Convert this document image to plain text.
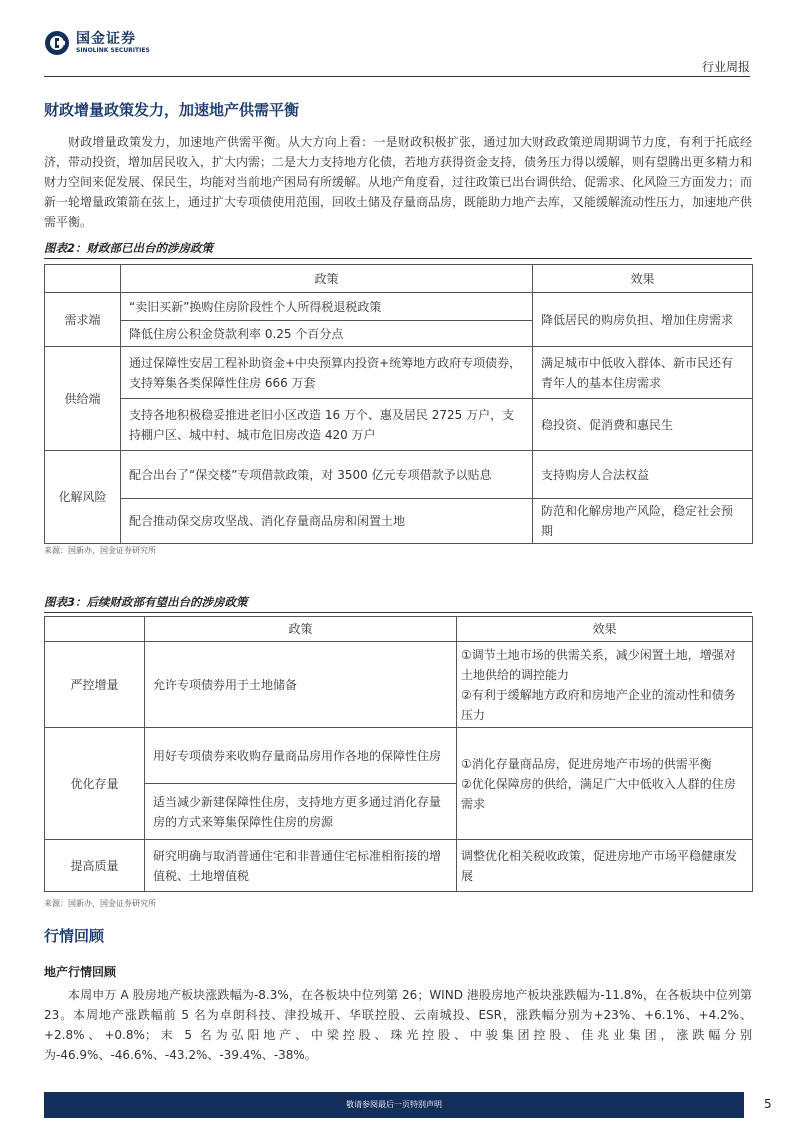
国金证券
SINOLINK SECURITIES
行业周报
财政增量政策发力，加速地产供需平衡
财政增量政策发力，加速地产供需平衡。从大方向上看：一是财政积极扩张，通过加大财政政策逆周期调节力度，有利于托底经济，带动投资，增加居民收入，扩大内需；二是大力支持地方化债，若地方获得资金支持，债务压力得以缓解，则有望腾出更多精力和财力空间来促发展、保民生，均能对当前地产困局有所缓解。从地产角度看，过往政策已出台调供给、促需求、化风险三方面发力；而新一轮增量政策箭在弦上，通过扩大专项债使用范围，回收土储及存量商品房，既能助力地产去库，又能缓解流动性压力，加速地产供需平衡。
图表2：财政部已出台的涉房政策
	政策	效果
需求端	“卖旧买新”换购住房阶段性个人所得税退税政策	降低居民的购房负担、增加住房需求
	降低住房公积金贷款利率 0.25 个百分点	
供给端	通过保障性安居工程补助资金+中央预算内投资+统筹地方政府专项债券，支持筹集各类保障性住房 666 万套	满足城市中低收入群体、新市民还有青年人的基本住房需求
	支持各地积极稳妥推进老旧小区改造 16 万个、惠及居民 2725 万户，支持棚户区、城中村、城市危旧房改造 420 万户	稳投资、促消费和惠民生
化解风险	配合出台了“保交楼”专项借款政策，对 3500 亿元专项借款予以贴息	支持购房人合法权益
	配合推动保交房攻坚战、消化存量商品房和闲置土地	防范和化解房地产风险，稳定社会预期
来源：国新办，国金证券研究所
图表3：后续财政部有望出台的涉房政策
	政策	效果
严控增量	允许专项债券用于土地储备	①调节土地市场的供需关系，减少闲置土地，增强对土地供给的调控能力
②有利于缓解地方政府和房地产企业的流动性和债务压力
优化存量	用好专项债券来收购存量商品房用作各地的保障性住房	①消化存量商品房，促进房地产市场的供需平衡
②优化保障房的供给，满足广大中低收入人群的住房需求
	适当减少新建保障性住房，支持地方更多通过消化存量房的方式来筹集保障性住房的房源	
提高质量	研究明确与取消普通住宅和非普通住宅标准相衔接的增值税、土地增值税	调整优化相关税收政策，促进房地产市场平稳健康发展
来源：国新办，国金证券研究所
行情回顾
地产行情回顾
本周申万 A 股房地产板块涨跌幅为-8.3%，在各板块中位列第 26；WIND 港股房地产板块涨跌幅为-11.8%，在各板块中位列第 23。本周地产涨跌幅前 5 名为卓朗科技、津投城开、华联控股、云南城投、ESR，涨跌幅分别为+23%、+6.1%、+4.2%、+2.8%、+0.8%；末 5 名为弘阳地产、中梁控股、珠光控股、中骏集团控股、佳兆业集团，涨跌幅分别为-46.9%、-46.6%、-43.2%、-39.4%、-38%。
敬请参阅最后一页特别声明	5
